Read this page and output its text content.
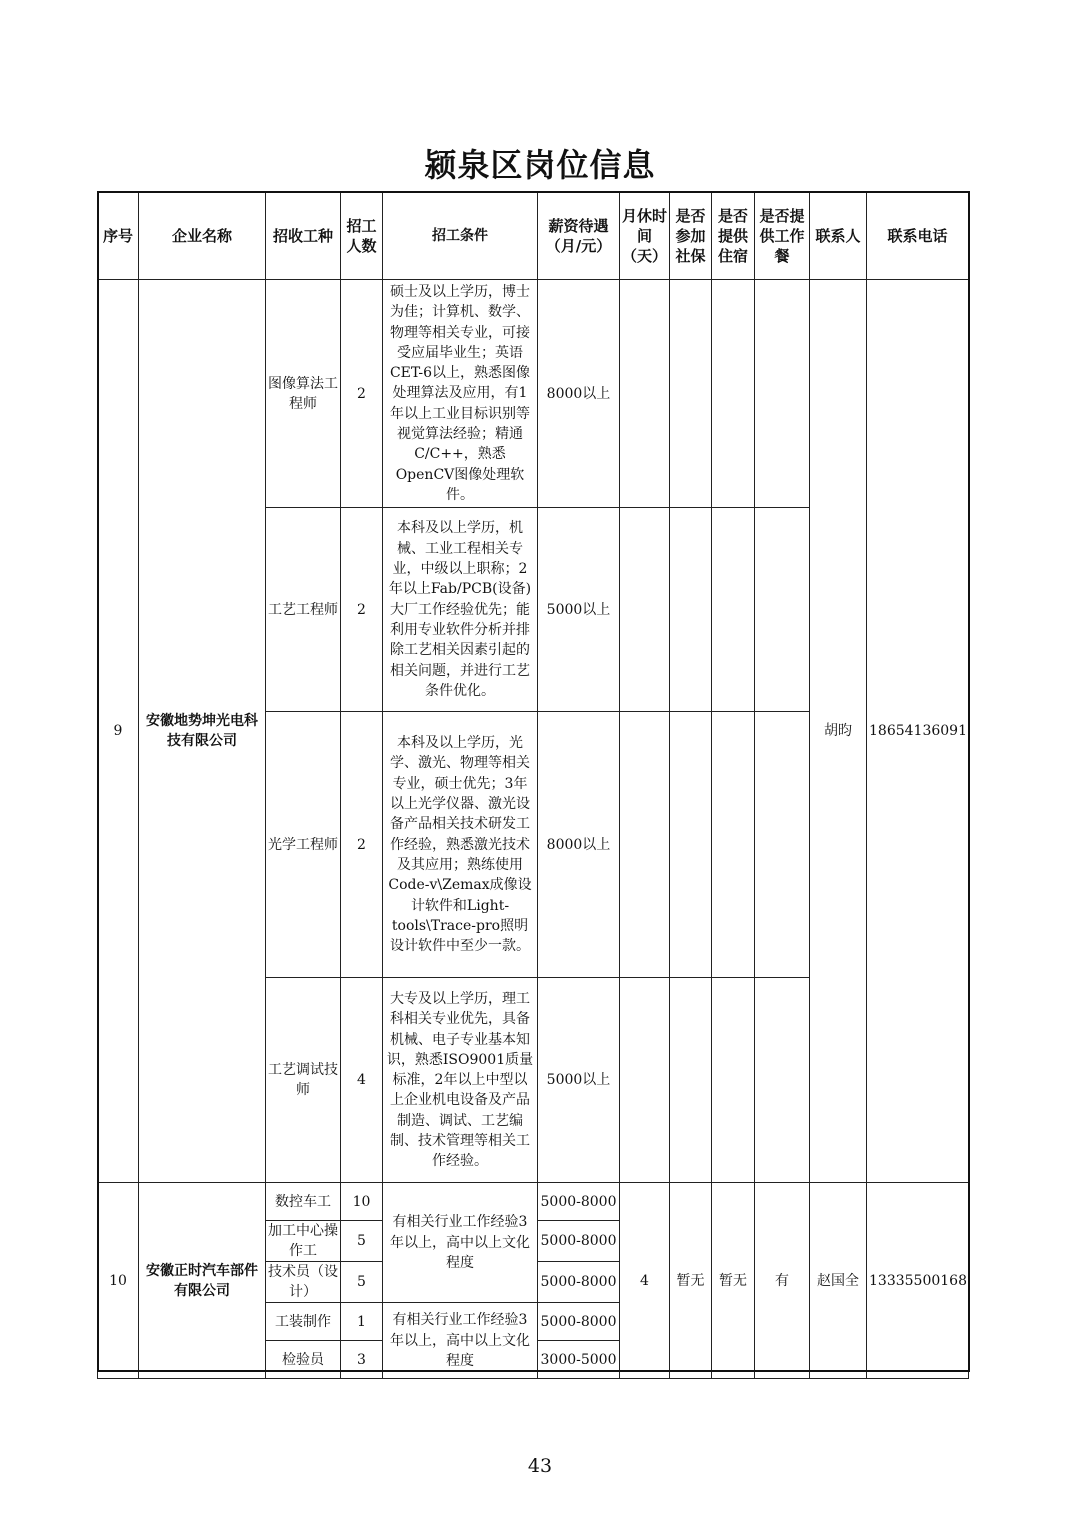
颍泉区岗位信息
序号	企业名称	招收工种	招工人数	招工条件	薪资待遇（月/元）	月休时间（天）	是否参加社保	是否提供住宿	是否提供工作餐	联系人	联系电话
9	安徽地势坤光电科技有限公司	图像算法工程师	2	硕士及以上学历，博士为佳；计算机、数学、物理等相关专业，可接受应届毕业生；英语CET-6以上，熟悉图像处理算法及应用，有1年以上工业目标识别等视觉算法经验；精通C/C++，熟悉OpenCV图像处理软件。	8000以上					胡昀	18654136091
		工艺工程师	2	本科及以上学历，机械、工业工程相关专业，中级以上职称；2年以上Fab/PCB(设备)大厂工作经验优先；能利用专业软件分析并排除工艺相关因素引起的相关问题，并进行工艺条件优化。	5000以上						
		光学工程师	2	本科及以上学历，光学、激光、物理等相关专业，硕士优先；3年以上光学仪器、激光设备产品相关技术研发工作经验，熟悉激光技术及其应用；熟练使用Code-v\Zemax成像设计软件和Light-tools\Trace-pro照明设计软件中至少一款。	8000以上						
		工艺调试技师	4	大专及以上学历，理工科相关专业优先，具备机械、电子专业基本知识，熟悉ISO9001质量标准，2年以上中型以上企业机电设备及产品制造、调试、工艺编制、技术管理等相关工作经验。	5000以上						
10	安徽正时汽车部件有限公司	数控车工	10	有相关行业工作经验3年以上，高中以上文化程度	5000-8000	4	暂无	暂无	有	赵国全	13335500168
		加工中心操作工	5		5000-8000						
		技术员（设计）	5		5000-8000						
		工装制作	1	有相关行业工作经验3年以上，高中以上文化程度	5000-8000						
		检验员	3		3000-5000						
43
